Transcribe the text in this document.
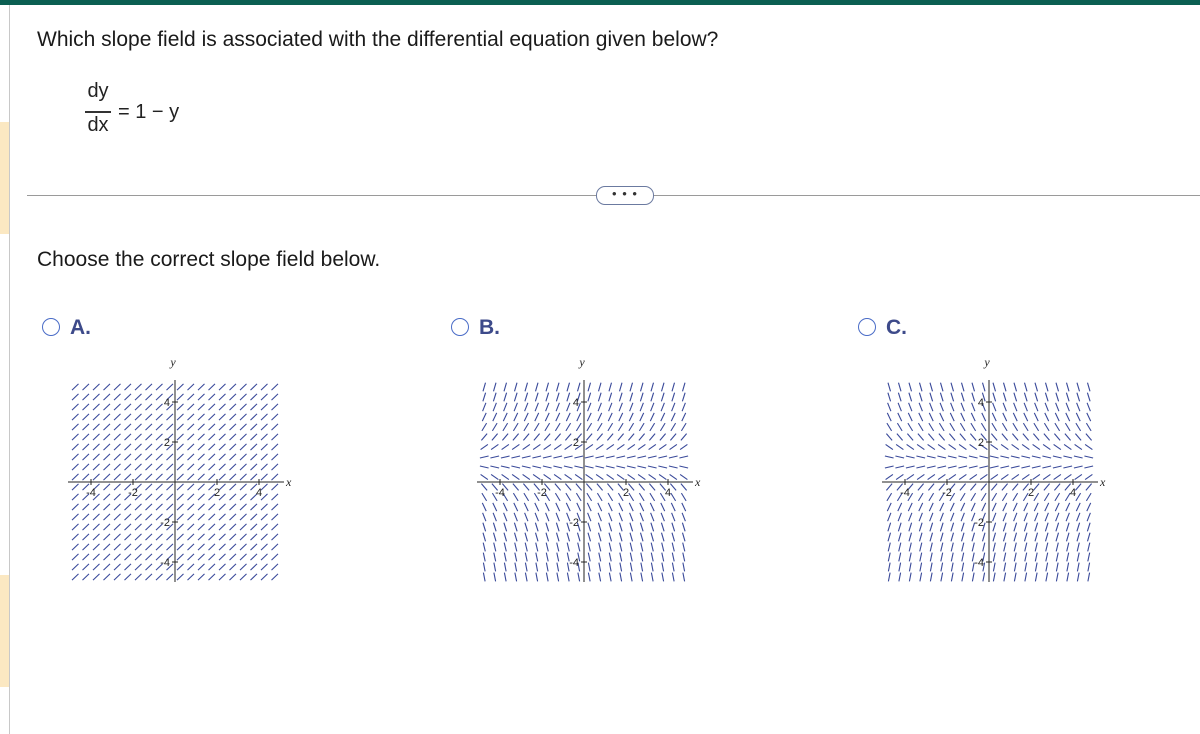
Which slope field is associated with the differential equation given below?
dy
dx
= 1 − y
• • •
Choose the correct slope field below.
A.
-4	-2	2	4
4
2
-2
-4
x
y
B.
-4	-2	2	4
4
2
-2
-4
x
y
C.
-4	-2	2	4
4
2
-2
-4
x
y
